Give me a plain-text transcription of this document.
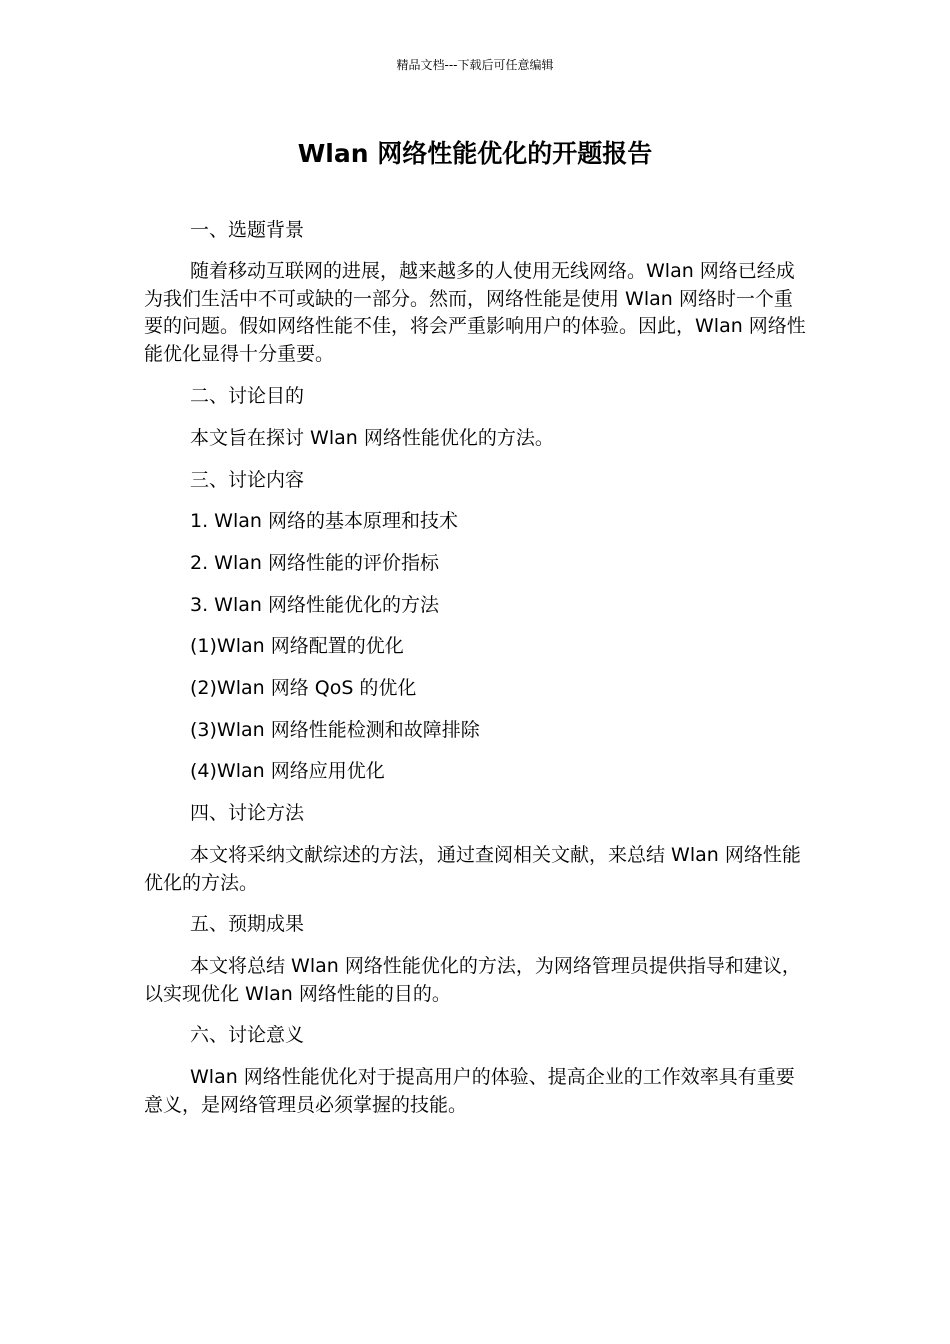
精品文档---下载后可任意编辑
Wlan 网络性能优化的开题报告

一、选题背景

随着移动互联网的进展，越来越多的人使用无线网络。Wlan 网络已经成为我们生活中不可或缺的一部分。然而，网络性能是使用 Wlan 网络时一个重要的问题。假如网络性能不佳，将会严重影响用户的体验。因此，Wlan 网络性能优化显得十分重要。

二、讨论目的

本文旨在探讨 Wlan 网络性能优化的方法。

三、讨论内容

1. Wlan 网络的基本原理和技术

2. Wlan 网络性能的评价指标

3. Wlan 网络性能优化的方法

(1)Wlan 网络配置的优化

(2)Wlan 网络 QoS 的优化

(3)Wlan 网络性能检测和故障排除

(4)Wlan 网络应用优化

四、讨论方法

本文将采纳文献综述的方法，通过查阅相关文献，来总结 Wlan 网络性能优化的方法。

五、预期成果

本文将总结 Wlan 网络性能优化的方法，为网络管理员提供指导和建议，以实现优化 Wlan 网络性能的目的。

六、讨论意义

Wlan 网络性能优化对于提高用户的体验、提高企业的工作效率具有重要意义，是网络管理员必须掌握的技能。
